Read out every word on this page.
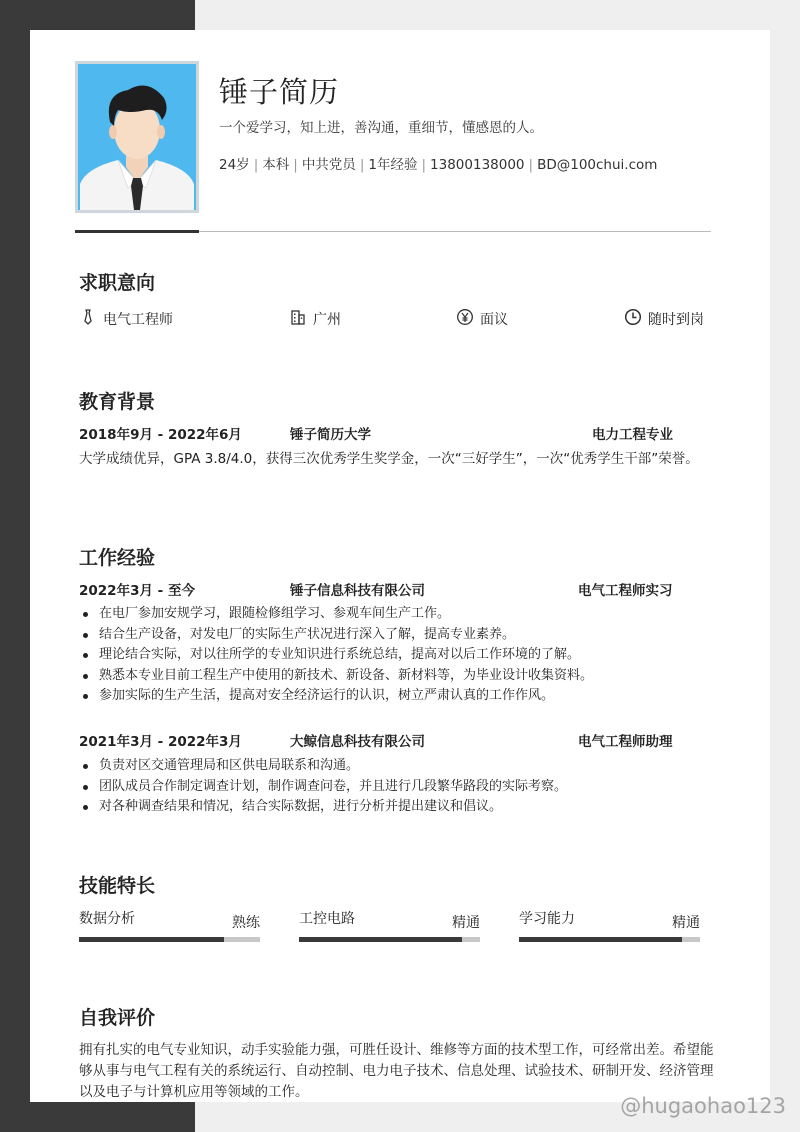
锤子简历
一个爱学习，知上进，善沟通，重细节，懂感恩的人。
24岁 | 本科 | 中共党员 | 1年经验 | 13800138000 | BD@100chui.com
求职意向
电气工程师	广州	面议	随时到岗
教育背景
2018年9月 - 2022年6月	锤子简历大学	电力工程专业
大学成绩优异，GPA 3.8/4.0，获得三次优秀学生奖学金，一次“三好学生”，一次“优秀学生干部”荣誉。
工作经验
2022年3月 - 至今	锤子信息科技有限公司	电气工程师实习
在电厂参加安规学习，跟随检修组学习、参观车间生产工作。
结合生产设备，对发电厂的实际生产状况进行深入了解，提高专业素养。
理论结合实际，对以往所学的专业知识进行系统总结，提高对以后工作环境的了解。
熟悉本专业目前工程生产中使用的新技术、新设备、新材料等，为毕业设计收集资料。
参加实际的生产生活，提高对安全经济运行的认识，树立严肃认真的工作作风。
2021年3月 - 2022年3月	大鲸信息科技有限公司	电气工程师助理
负责对区交通管理局和区供电局联系和沟通。
团队成员合作制定调查计划，制作调查问卷，并且进行几段繁华路段的实际考察。
对各种调查结果和情况，结合实际数据，进行分析并提出建议和倡议。
技能特长
数据分析	熟练	工控电路	精通	学习能力	精通
自我评价
拥有扎实的电气专业知识，动手实验能力强，可胜任设计、维修等方面的技术型工作，可经常出差。希望能
够从事与电气工程有关的系统运行、自动控制、电力电子技术、信息处理、试验技术、研制开发、经济管理
以及电子与计算机应用等领域的工作。
@hugaohao123
